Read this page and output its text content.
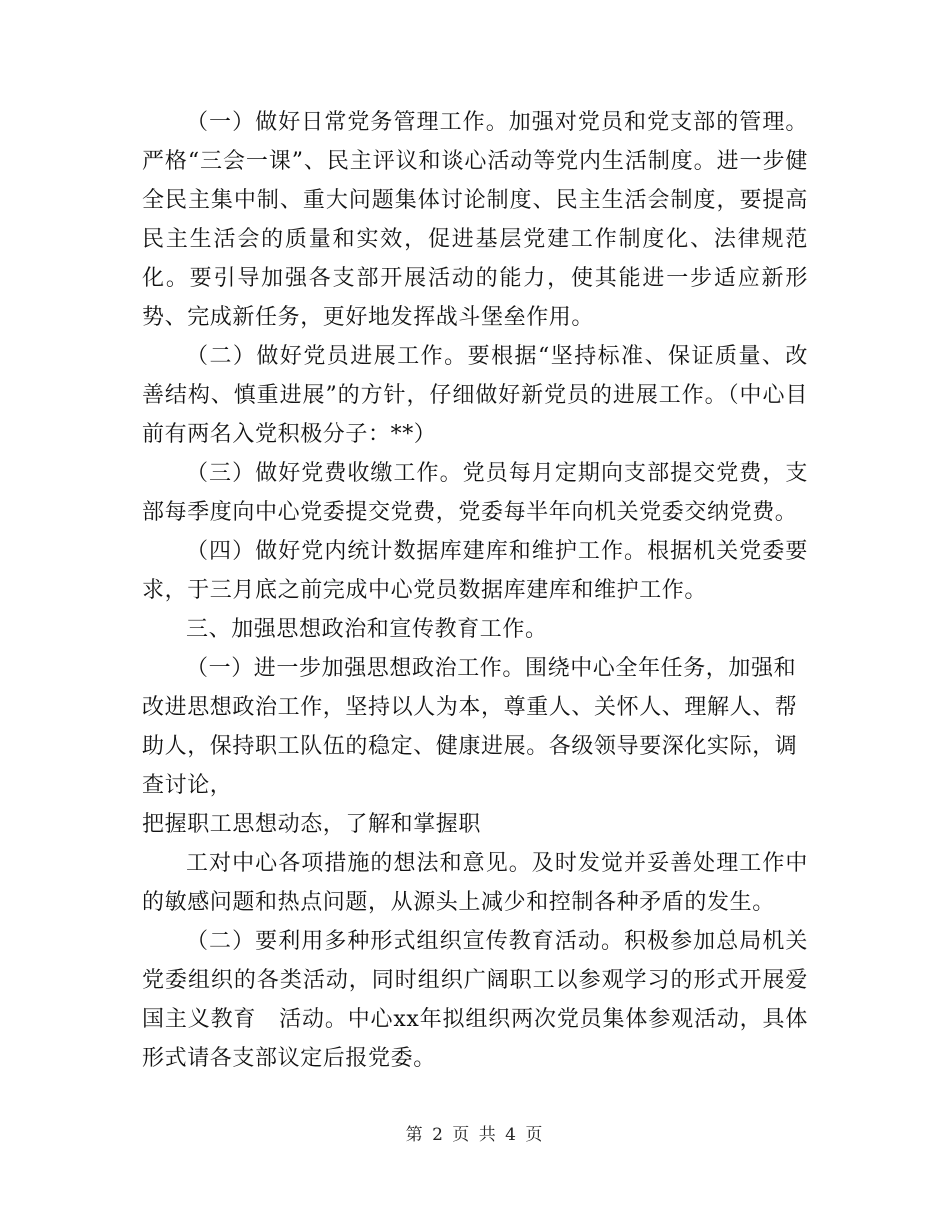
（一）做好日常党务管理工作。加强对党员和党支部的管理。严格“三会一课”、民主评议和谈心活动等党内生活制度。进一步健全民主集中制、重大问题集体讨论制度、民主生活会制度，要提高民主生活会的质量和实效，促进基层党建工作制度化、法律规范化。要引导加强各支部开展活动的能力，使其能进一步适应新形势、完成新任务，更好地发挥战斗堡垒作用。

（二）做好党员进展工作。要根据“坚持标准、保证质量、改善结构、慎重进展”的方针，仔细做好新党员的进展工作。（中心目前有两名入党积极分子：**）

（三）做好党费收缴工作。党员每月定期向支部提交党费，支部每季度向中心党委提交党费，党委每半年向机关党委交纳党费。

（四）做好党内统计数据库建库和维护工作。根据机关党委要求，于三月底之前完成中心党员数据库建库和维护工作。

三、加强思想政治和宣传教育工作。

（一）进一步加强思想政治工作。围绕中心全年任务，加强和改进思想政治工作，坚持以人为本，尊重人、关怀人、理解人、帮助人，保持职工队伍的稳定、健康进展。各级领导要深化实际，调查讨论，

把握职工思想动态，了解和掌握职

工对中心各项措施的想法和意见。及时发觉并妥善处理工作中的敏感问题和热点问题，从源头上减少和控制各种矛盾的发生。

（二）要利用多种形式组织宣传教育活动。积极参加总局机关党委组织的各类活动，同时组织广阔职工以参观学习的形式开展爱国主义教育　活动。中心xx年拟组织两次党员集体参观活动，具体形式请各支部议定后报党委。

第 2 页 共 4 页
